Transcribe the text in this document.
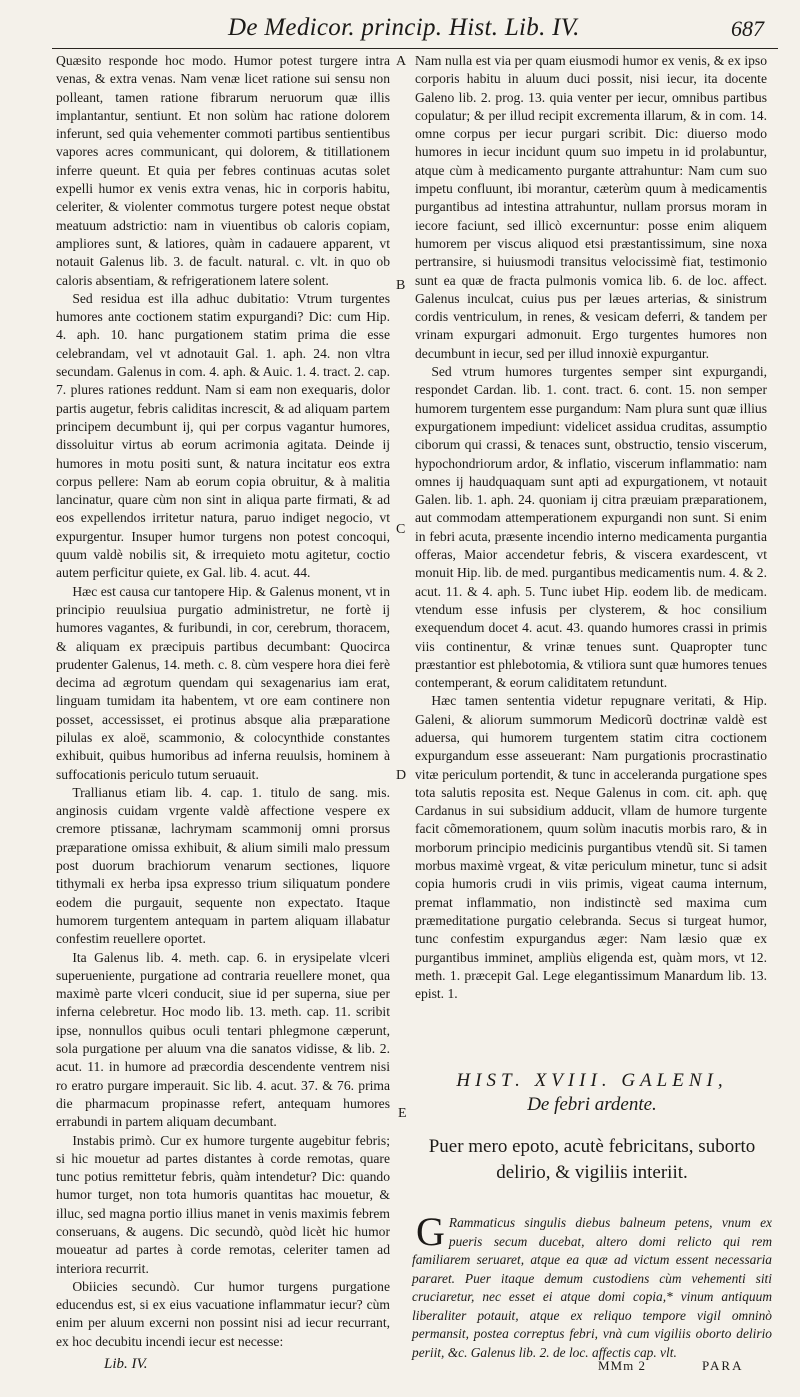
De Medicor. princip. Hist. Lib. IV.	687

Quæsito responde hoc modo. Humor potest turgere intra venas, & extra venas. Nam venæ licet ratione sui sensu non polleant, tamen ratione fibrarum neruorum quæ illis implantantur, sentiunt. Et non solùm hac ratione dolorem inferunt, sed quia vehementer commoti partibus sentientibus vapores acres communicant, qui dolorem, & titillationem inferre queunt. Et quia per febres continuas acutas solet expelli humor ex venis extra venas, hic in corporis habitu, celeriter, & violenter commotus turgere potest neque obstat meatuum adstrictio: nam in viuentibus ob caloris copiam, ampliores sunt, & latiores, quàm in cadauere apparent, vt notauit Galenus lib. 3. de facult. natural. c. vlt. in quo ob caloris absentiam, & refrigerationem latere solent.

Sed residua est illa adhuc dubitatio: Vtrum turgentes humores ante coctionem statim expurgandi? Dic: cum Hip. 4. aph. 10. hanc purgationem statim prima die esse celebrandam, vel vt adnotauit Gal. 1. aph. 24. non vltra secundam. Galenus in com. 4. aph. & Auic. 1. 4. tract. 2. cap. 7. plures rationes reddunt. Nam si eam non exequaris, dolor partis augetur, febris caliditas increscit, & ad aliquam partem principem decumbunt ij, qui per corpus vagantur humores, dissoluitur virtus ab eorum acrimonia agitata. Deinde ij humores in motu positi sunt, & natura incitatur eos extra corpus pellere: Nam ab eorum copia obruitur, & à malitia lancinatur, quare cùm non sint in aliqua parte firmati, & ad eos expellendos irritetur natura, paruo indiget negocio, vt expurgentur. Insuper humor turgens non potest concoqui, quum valdè nobilis sit, & irrequieto motu agitetur, coctio autem perficitur quiete, ex Gal. lib. 4. acut. 44.

Hæc est causa cur tantopere Hip. & Galenus monent, vt in principio reuulsiua purgatio administretur, ne fortè ij humores vagantes, & furibundi, in cor, cerebrum, thoracem, & aliquam ex præcipuis partibus decumbant: Quocirca prudenter Galenus, 14. meth. c. 8. cùm vespere hora diei ferè decima ad ægrotum quendam qui sexagenarius iam erat, linguam tumidam ita habentem, vt ore eam continere non posset, accessisset, ei protinus absque alia præparatione pilulas ex aloë, scammonio, & colocynthide constantes exhibuit, quibus humoribus ad inferna reuulsis, hominem à suffocationis periculo tutum seruauit.

Trallianus etiam lib. 4. cap. 1. titulo de sang. mis. anginosis cuidam vrgente valdè affectione vespere ex cremore ptissanæ, lachrymam scammonij omni prorsus præparatione omissa exhibuit, & alium simili malo pressum post duorum brachiorum venarum sectiones, liquore tithymali ex herba ipsa expresso trium siliquatum pondere eodem die purgauit, sequente non expectato. Itaque humorem turgentem antequam in partem aliquam illabatur confestim reuellere oportet.

Ita Galenus lib. 4. meth. cap. 6. in erysipelate vlceri superueniente, purgatione ad contraria reuellere monet, qua maximè parte vlceri conducit, siue id per superna, siue per inferna celebretur. Hoc modo lib. 13. meth. cap. 11. scribit ipse, nonnullos quibus oculi tentari phlegmone cæperunt, sola purgatione per aluum vna die sanatos vidisse, & lib. 2. acut. 11. in humore ad præcordia descendente ventrem nisi ro eratro purgare imperauit. Sic lib. 4. acut. 37. & 76. prima die pharmacum propinasse refert, antequam humores errabundi in partem aliquam decumbant.

Instabis primò. Cur ex humore turgente augebitur febris; si hic mouetur ad partes distantes à corde remotas, quare tunc potius remittetur febris, quàm intendetur? Dic: quando humor turget, non tota humoris quantitas hac mouetur, & illuc, sed magna portio illius manet in venis maximis febrem conseruans, & augens. Dic secundò, quòd licèt hic humor moueatur ad partes à corde remotas, celeriter tamen ad interiora recurrit.

Obiicies secundò. Cur humor turgens purgatione educendus est, si ex eius vacuatione inflammatur iecur? cùm enim per aluum excerni non possint nisi ad iecur recurrant, ex hoc decubitu incendi iecur est necesse:

A
B
C
D
E

Nam nulla est via per quam eiusmodi humor ex venis, & ex ipso corporis habitu in aluum duci possit, nisi iecur, ita docente Galeno lib. 2. prog. 13. quia venter per iecur, omnibus partibus copulatur; & per illud recipit excrementa illarum, & in com. 14. omne corpus per iecur purgari scribit. Dic: diuerso modo humores in iecur incidunt quum suo impetu in id prolabuntur, atque cùm à medicamento purgante attrahuntur: Nam cum suo impetu confluunt, ibi morantur, cæterùm quum à medicamentis purgantibus ad intestina attrahuntur, nullam prorsus moram in iecore faciunt, sed illicò excernuntur: posse enim aliquem humorem per viscus aliquod etsi præstantissimum, sine noxa pertransire, si huiusmodi transitus velocissimè fiat, testimonio sunt ea quæ de fracta pulmonis vomica lib. 6. de loc. affect. Galenus inculcat, cuius pus per læues arterias, & sinistrum cordis ventriculum, in renes, & vesicam deferri, & tandem per vrinam expurgari admonuit. Ergo turgentes humores non decumbunt in iecur, sed per illud innoxiè expurgantur.

Sed vtrum humores turgentes semper sint expurgandi, respondet Cardan. lib. 1. cont. tract. 6. cont. 15. non semper humorem turgentem esse purgandum: Nam plura sunt quæ illius expurgationem impediunt: videlicet assidua cruditas, assumptio ciborum qui crassi, & tenaces sunt, obstructio, tensio viscerum, hypochondriorum ardor, & inflatio, viscerum inflammatio: nam omnes ij haudquaquam sunt apti ad expurgationem, vt notauit Galen. lib. 1. aph. 24. quoniam ij citra præuiam præparationem, aut commodam attemperationem expurgandi non sunt. Si enim in febri acuta, præsente incendio interno medicamenta purgantia offeras, Maior accendetur febris, & viscera exardescent, vt monuit Hip. lib. de med. purgantibus medicamentis num. 4. & 2. acut. 11. & 4. aph. 5. Tunc iubet Hip. eodem lib. de medicam. vtendum esse infusis per clysterem, & hoc consilium exequendum docet 4. acut. 43. quando humores crassi in primis viis continentur, & vrinæ tenues sunt. Quapropter tunc præstantior est phlebotomia, & vtiliora sunt quæ humores tenues contemperant, & eorum caliditatem retundunt.

Hæc tamen sententia videtur repugnare veritati, & Hip. Galeni, & aliorum summorum Medicorũ doctrinæ valdè est aduersa, qui humorem turgentem statim citra coctionem expurgandum esse asseuerant: Nam purgationis procrastinatio vitæ periculum portendit, & tunc in acceleranda purgatione spes tota salutis reposita est. Neque Galenus in com. cit. aph. quę Cardanus in sui subsidium adducit, vllam de humore turgente facit cõmemorationem, quum solùm inacutis morbis raro, & in morborum principio medicinis purgantibus vtendũ sit. Si tamen morbus maximè vrgeat, & vitæ periculum minetur, tunc si adsit copia humoris crudi in viis primis, vigeat cauma internum, premat inflammatio, non indistinctè sed maxima cum præmeditatione purgatio celebranda. Secus si turgeat humor, tunc confestim expurgandus æger: Nam læsio quæ ex purgantibus imminet, ampliùs eligenda est, quàm mors, vt 12. meth. 1. præcepit Gal. Lege elegantissimum Manardum lib. 13. epist. 1.

HIST. XVIII. GALENI,
De febri ardente.
Puer mero epoto, acutè febricitans, suborto delirio, & vigiliis interiit.
G Rammaticus singulis diebus balneum petens, vnum ex pueris secum ducebat, altero domi relicto qui rem familiarem seruaret, atque ea quæ ad victum essent necessaria pararet. Puer itaque demum custodiens cùm vehementi siti cruciaretur, nec esset ei atque domi copia,* vinum antiquum liberaliter potauit, atque ex reliquo tempore vigil omninò permansit, postea correptus febri, vnà cum vigiliis oborto delirio periit, &c. Galenus lib. 2. de loc. affectis cap. vlt.
Lib. IV.	MMm 2	PARA
